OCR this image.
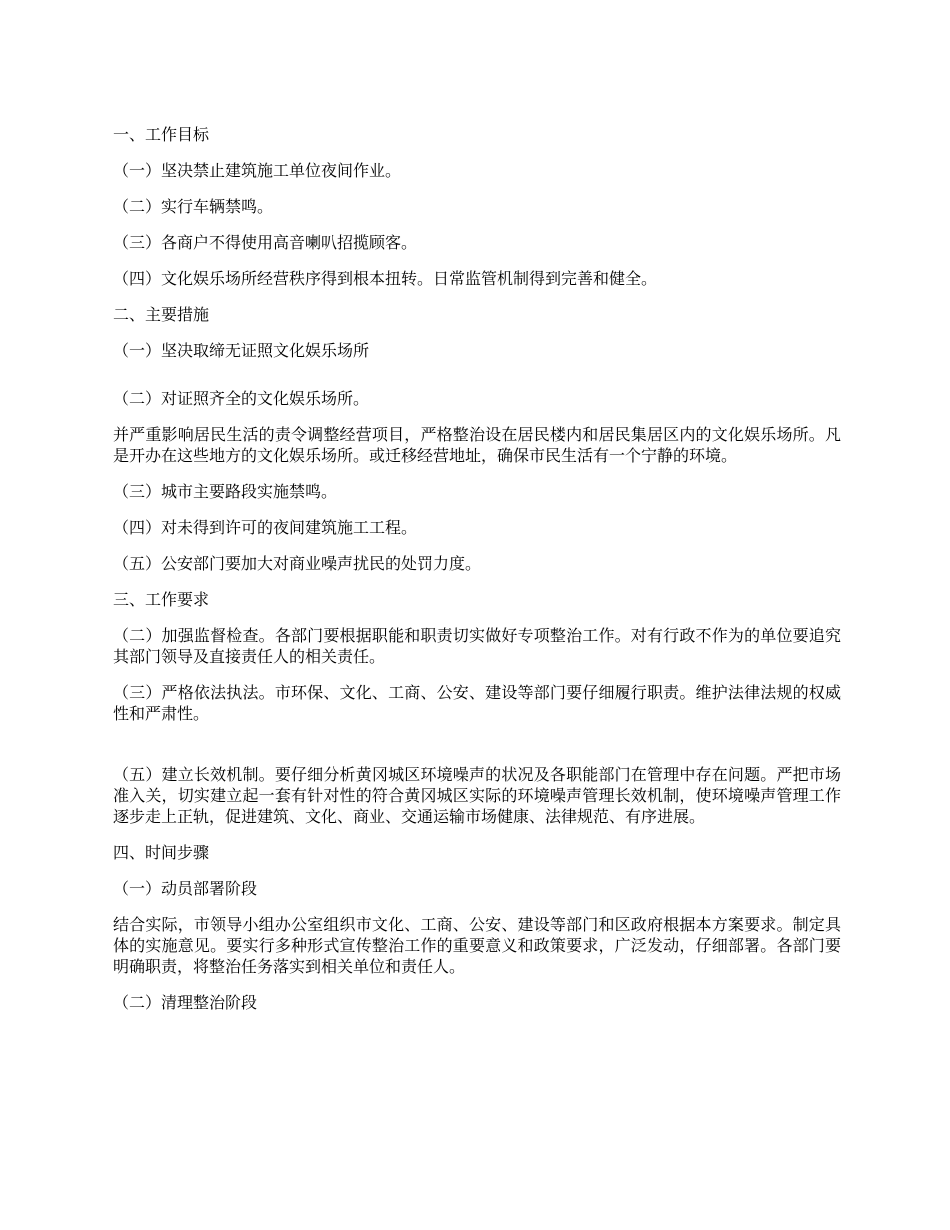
一、工作目标

（一）坚决禁止建筑施工单位夜间作业。

（二）实行车辆禁鸣。

（三）各商户不得使用高音喇叭招揽顾客。

（四）文化娱乐场所经营秩序得到根本扭转。日常监管机制得到完善和健全。

二、主要措施

（一）坚决取缔无证照文化娱乐场所

（二）对证照齐全的文化娱乐场所。

并严重影响居民生活的责令调整经营项目，严格整治设在居民楼内和居民集居区内的文化娱乐场所。凡是开办在这些地方的文化娱乐场所。或迁移经营地址，确保市民生活有一个宁静的环境。

（三）城市主要路段实施禁鸣。

（四）对未得到许可的夜间建筑施工工程。

（五）公安部门要加大对商业噪声扰民的处罚力度。

三、工作要求

（二）加强监督检查。各部门要根据职能和职责切实做好专项整治工作。对有行政不作为的单位要追究其部门领导及直接责任人的相关责任。

（三）严格依法执法。市环保、文化、工商、公安、建设等部门要仔细履行职责。维护法律法规的权威性和严肃性。

（五）建立长效机制。要仔细分析黄冈城区环境噪声的状况及各职能部门在管理中存在问题。严把市场准入关，切实建立起一套有针对性的符合黄冈城区实际的环境噪声管理长效机制，使环境噪声管理工作逐步走上正轨，促进建筑、文化、商业、交通运输市场健康、法律规范、有序进展。

四、时间步骤

（一）动员部署阶段

结合实际，市领导小组办公室组织市文化、工商、公安、建设等部门和区政府根据本方案要求。制定具体的实施意见。要实行多种形式宣传整治工作的重要意义和政策要求，广泛发动，仔细部署。各部门要明确职责，将整治任务落实到相关单位和责任人。

（二）清理整治阶段
